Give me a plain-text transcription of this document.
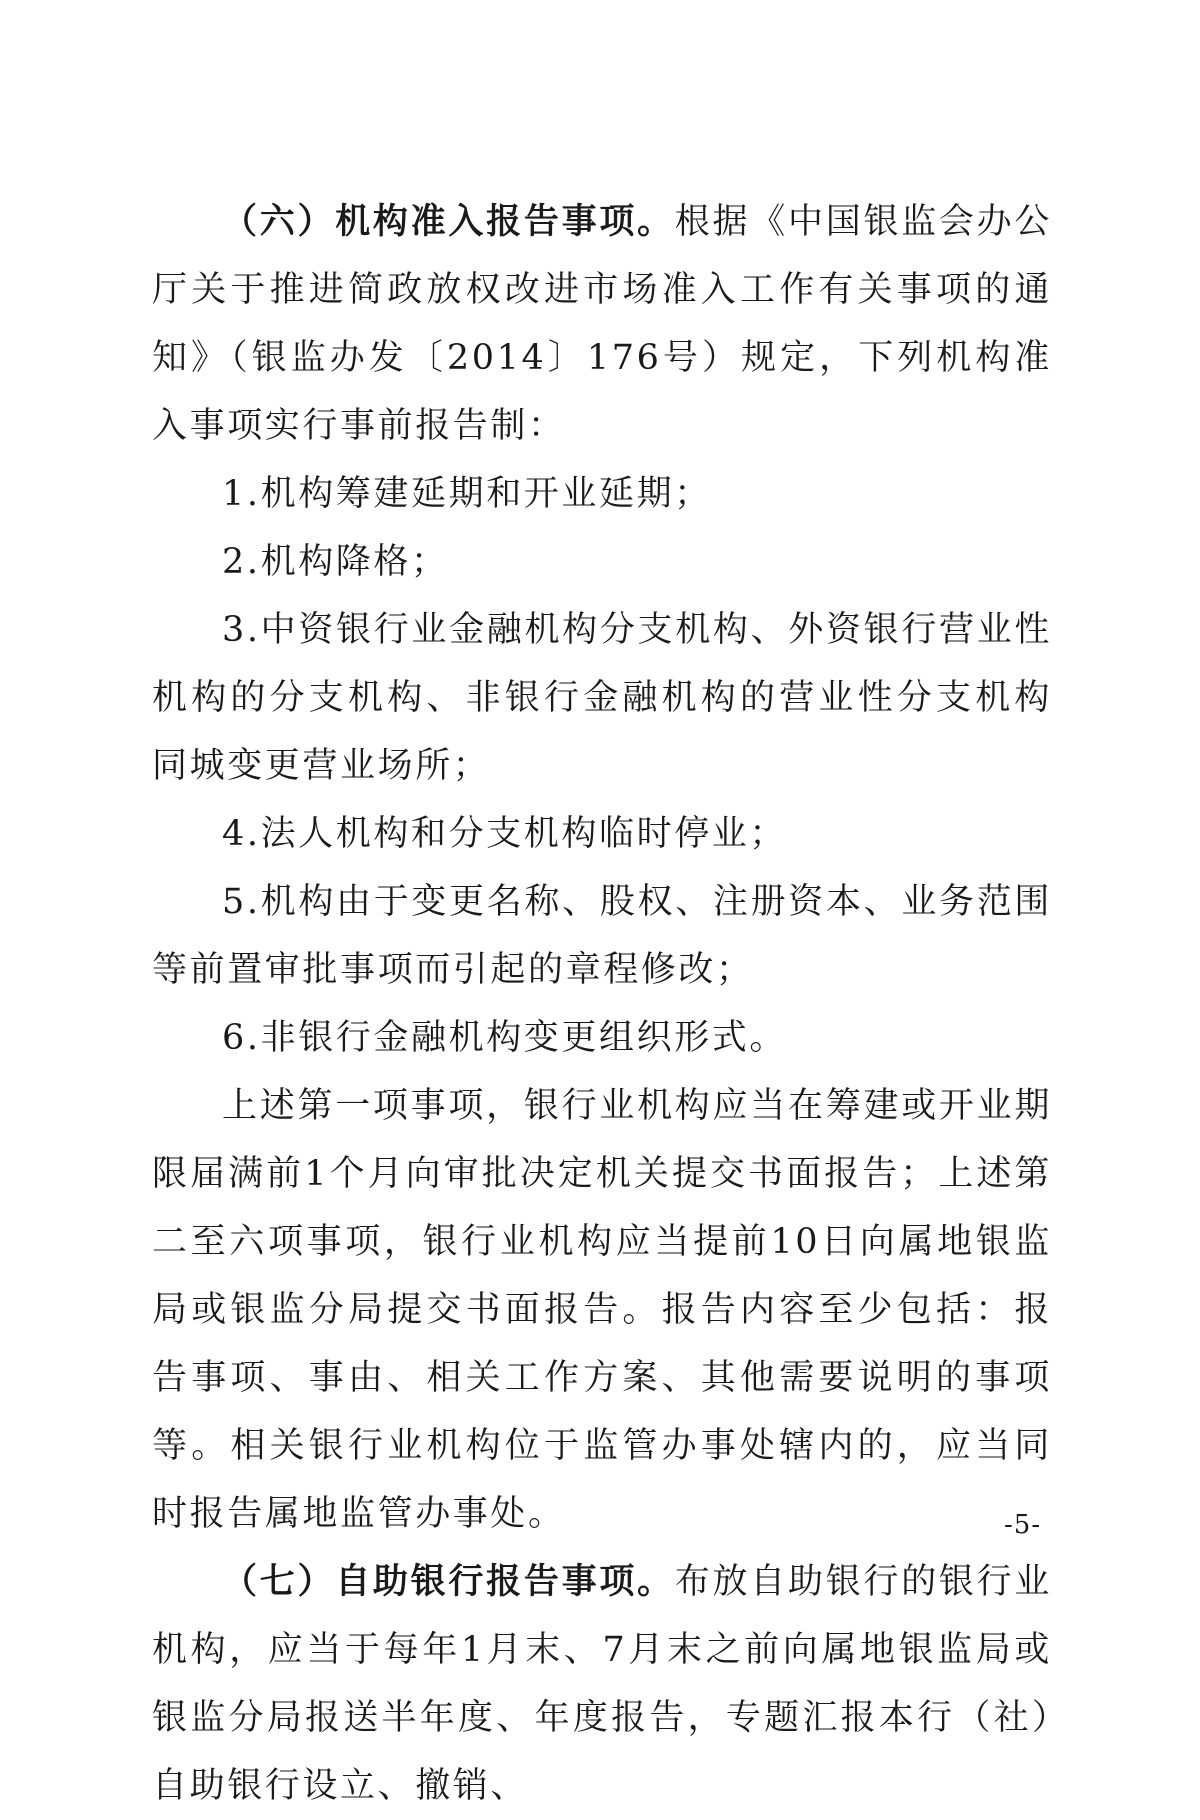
（六）机构准入报告事项。根据《中国银监会办公厅关于推进简政放权改进市场准入工作有关事项的通知》（银监办发〔2014〕176号）规定，下列机构准入事项实行事前报告制：

1.机构筹建延期和开业延期；

2.机构降格；

3.中资银行业金融机构分支机构、外资银行营业性机构的分支机构、非银行金融机构的营业性分支机构同城变更营业场所；

4.法人机构和分支机构临时停业；

5.机构由于变更名称、股权、注册资本、业务范围等前置审批事项而引起的章程修改；

6.非银行金融机构变更组织形式。

上述第一项事项，银行业机构应当在筹建或开业期限届满前1个月向审批决定机关提交书面报告；上述第二至六项事项，银行业机构应当提前10日向属地银监局或银监分局提交书面报告。报告内容至少包括：报告事项、事由、相关工作方案、其他需要说明的事项等。相关银行业机构位于监管办事处辖内的，应当同时报告属地监管办事处。

（七）自助银行报告事项。布放自助银行的银行业机构，应当于每年1月末、7月末之前向属地银监局或银监分局报送半年度、年度报告，专题汇报本行（社）自助银行设立、撤销、

-5-
